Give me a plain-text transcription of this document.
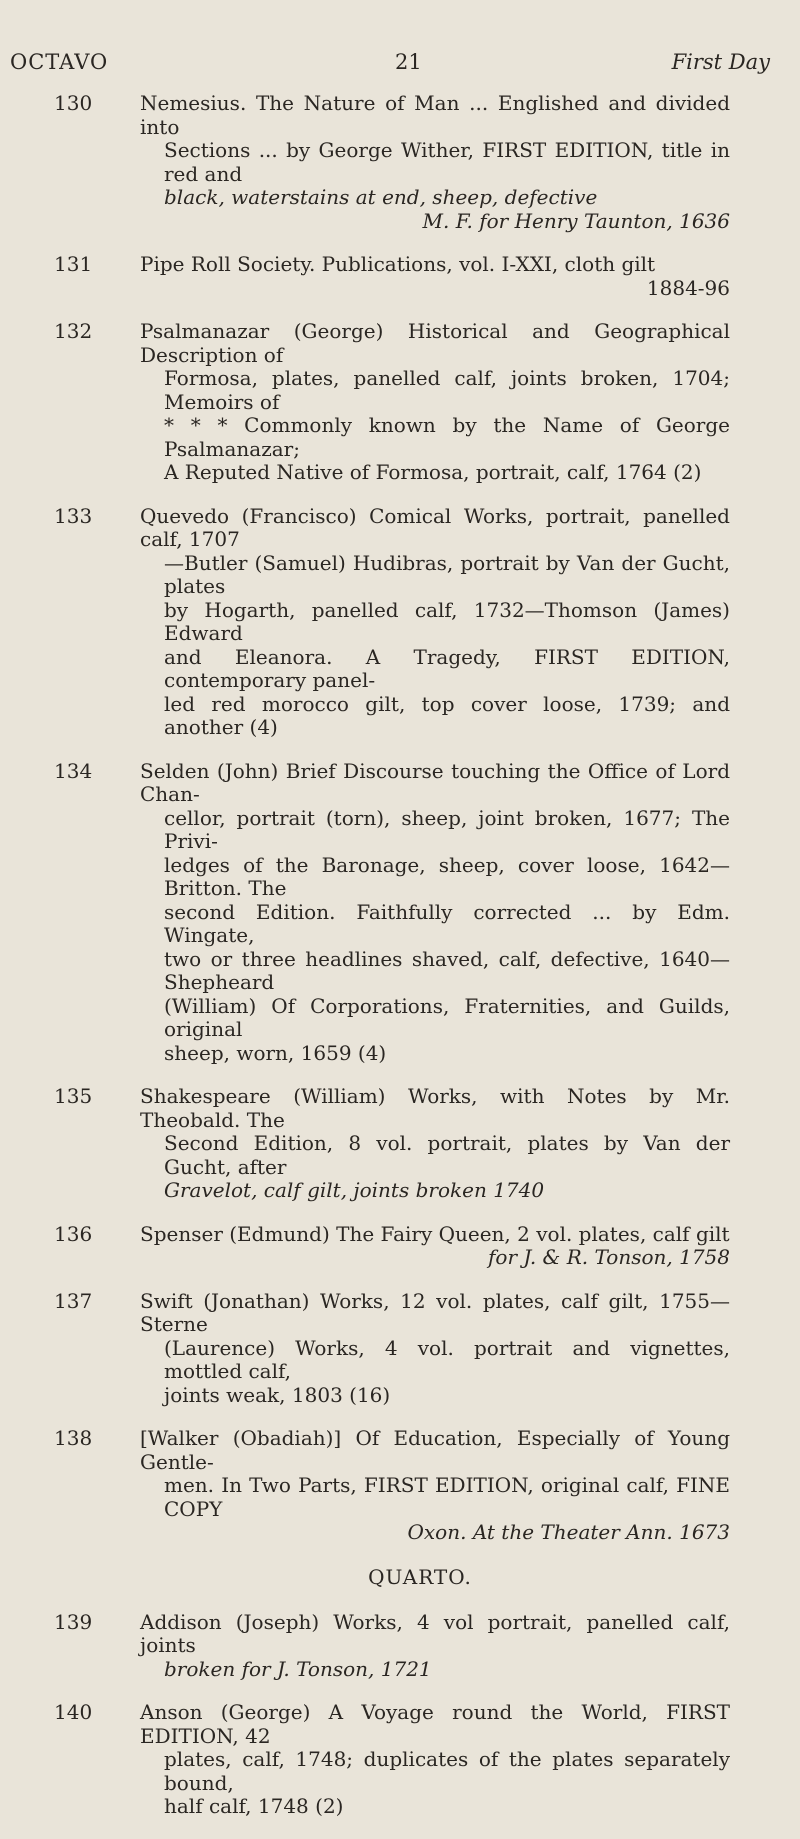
OCTAVO	21	First Day
130	Nemesius. The Nature of Man ... Englished and divided into
Sections ... by George Wither, FIRST EDITION, title in red and
black, waterstains at end, sheep, defective
M. F. for Henry Taunton, 1636
131	Pipe Roll Society. Publications, vol. I-XXI, cloth gilt
1884-96
132	Psalmanazar (George) Historical and Geographical Description of
Formosa, plates, panelled calf, joints broken, 1704; Memoirs of
* * * Commonly known by the Name of George Psalmanazar;
A Reputed Native of Formosa, portrait, calf, 1764 (2)
133	Quevedo (Francisco) Comical Works, portrait, panelled calf, 1707
—Butler (Samuel) Hudibras, portrait by Van der Gucht, plates
by Hogarth, panelled calf, 1732—Thomson (James) Edward
and Eleanora. A Tragedy, FIRST EDITION, contemporary panel-
led red morocco gilt, top cover loose, 1739; and another (4)
134	Selden (John) Brief Discourse touching the Office of Lord Chan-
cellor, portrait (torn), sheep, joint broken, 1677; The Privi-
ledges of the Baronage, sheep, cover loose, 1642—Britton. The
second Edition. Faithfully corrected ... by Edm. Wingate,
two or three headlines shaved, calf, defective, 1640—Shepheard
(William) Of Corporations, Fraternities, and Guilds, original
sheep, worn, 1659 (4)
135	Shakespeare (William) Works, with Notes by Mr. Theobald. The
Second Edition, 8 vol. portrait, plates by Van der Gucht, after
Gravelot, calf gilt, joints broken 1740
136	Spenser (Edmund) The Fairy Queen, 2 vol. plates, calf gilt
for J. & R. Tonson, 1758
137	Swift (Jonathan) Works, 12 vol. plates, calf gilt, 1755—Sterne
(Laurence) Works, 4 vol. portrait and vignettes, mottled calf,
joints weak, 1803 (16)
138	[Walker (Obadiah)] Of Education, Especially of Young Gentle-
men. In Two Parts, FIRST EDITION, original calf, FINE COPY
Oxon. At the Theater Ann. 1673
QUARTO.
139	Addison (Joseph) Works, 4 vol portrait, panelled calf, joints
broken for J. Tonson, 1721
140	Anson (George) A Voyage round the World, FIRST EDITION, 42
plates, calf, 1748; duplicates of the plates separately bound,
half calf, 1748 (2)
